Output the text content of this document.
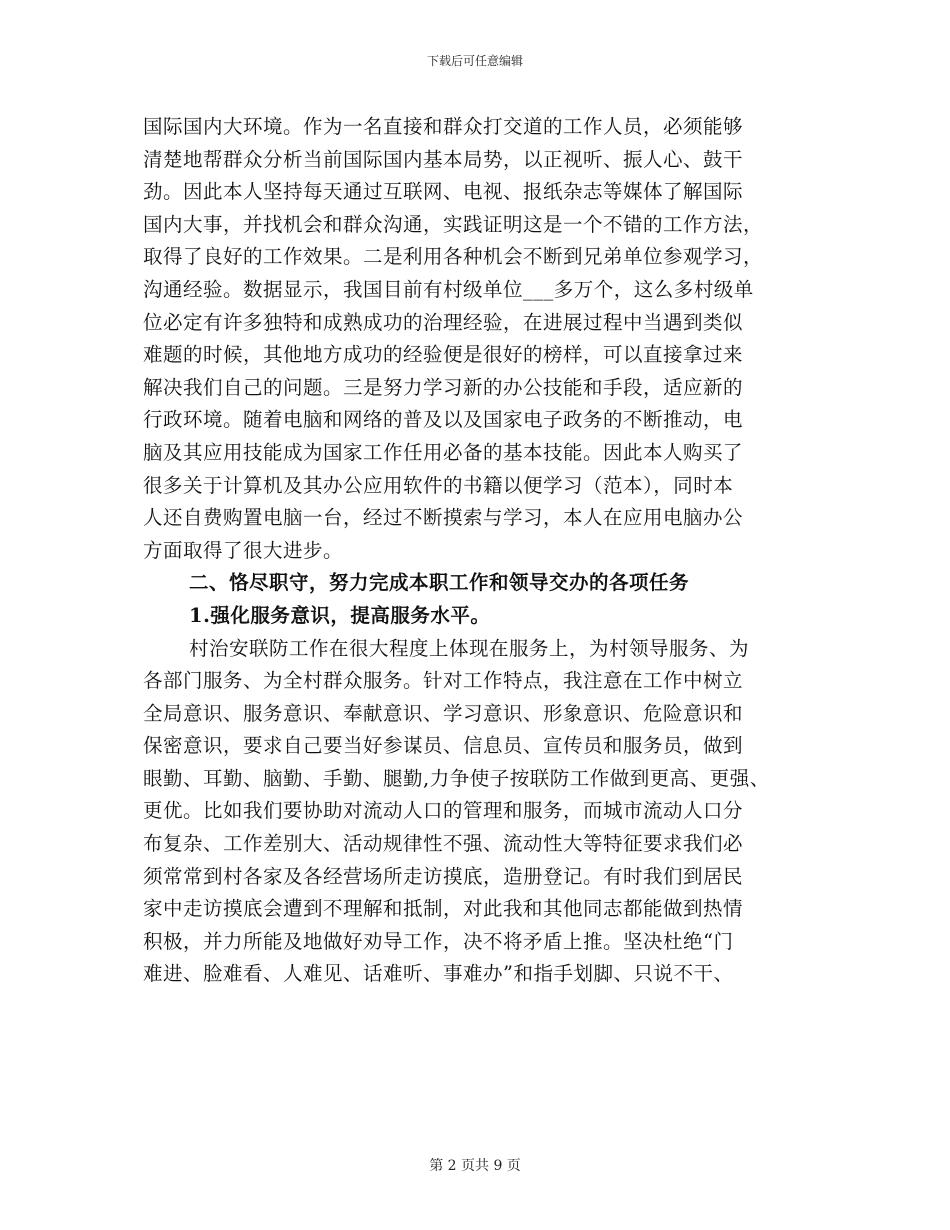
下载后可任意编辑
国际国内大环境。作为一名直接和群众打交道的工作人员，必须能够
清楚地帮群众分析当前国际国内基本局势，以正视听、振人心、鼓干
劲。因此本人坚持每天通过互联网、电视、报纸杂志等媒体了解国际
国内大事，并找机会和群众沟通，实践证明这是一个不错的工作方法，
取得了良好的工作效果。二是利用各种机会不断到兄弟单位参观学习，
沟通经验。数据显示，我国目前有村级单位___多万个，这么多村级单
位必定有许多独特和成熟成功的治理经验，在进展过程中当遇到类似
难题的时候，其他地方成功的经验便是很好的榜样，可以直接拿过来
解决我们自己的问题。三是努力学习新的办公技能和手段，适应新的
行政环境。随着电脑和网络的普及以及国家电子政务的不断推动，电
脑及其应用技能成为国家工作任用必备的基本技能。因此本人购买了
很多关于计算机及其办公应用软件的书籍以便学习（范本），同时本
人还自费购置电脑一台，经过不断摸索与学习，本人在应用电脑办公
方面取得了很大进步。
二、恪尽职守，努力完成本职工作和领导交办的各项任务
1.强化服务意识，提高服务水平。
村治安联防工作在很大程度上体现在服务上，为村领导服务、为
各部门服务、为全村群众服务。针对工作特点，我注意在工作中树立
全局意识、服务意识、奉献意识、学习意识、形象意识、危险意识和
保密意识，要求自己要当好参谋员、信息员、宣传员和服务员，做到
眼勤、耳勤、脑勤、手勤、腿勤,力争使子按联防工作做到更高、更强、
更优。比如我们要协助对流动人口的管理和服务，而城市流动人口分
布复杂、工作差别大、活动规律性不强、流动性大等特征要求我们必
须常常到村各家及各经营场所走访摸底，造册登记。有时我们到居民
家中走访摸底会遭到不理解和抵制，对此我和其他同志都能做到热情
积极，并力所能及地做好劝导工作，决不将矛盾上推。坚决杜绝“门
难进、脸难看、人难见、话难听、事难办”和指手划脚、只说不干、
第 2 页共 9 页
